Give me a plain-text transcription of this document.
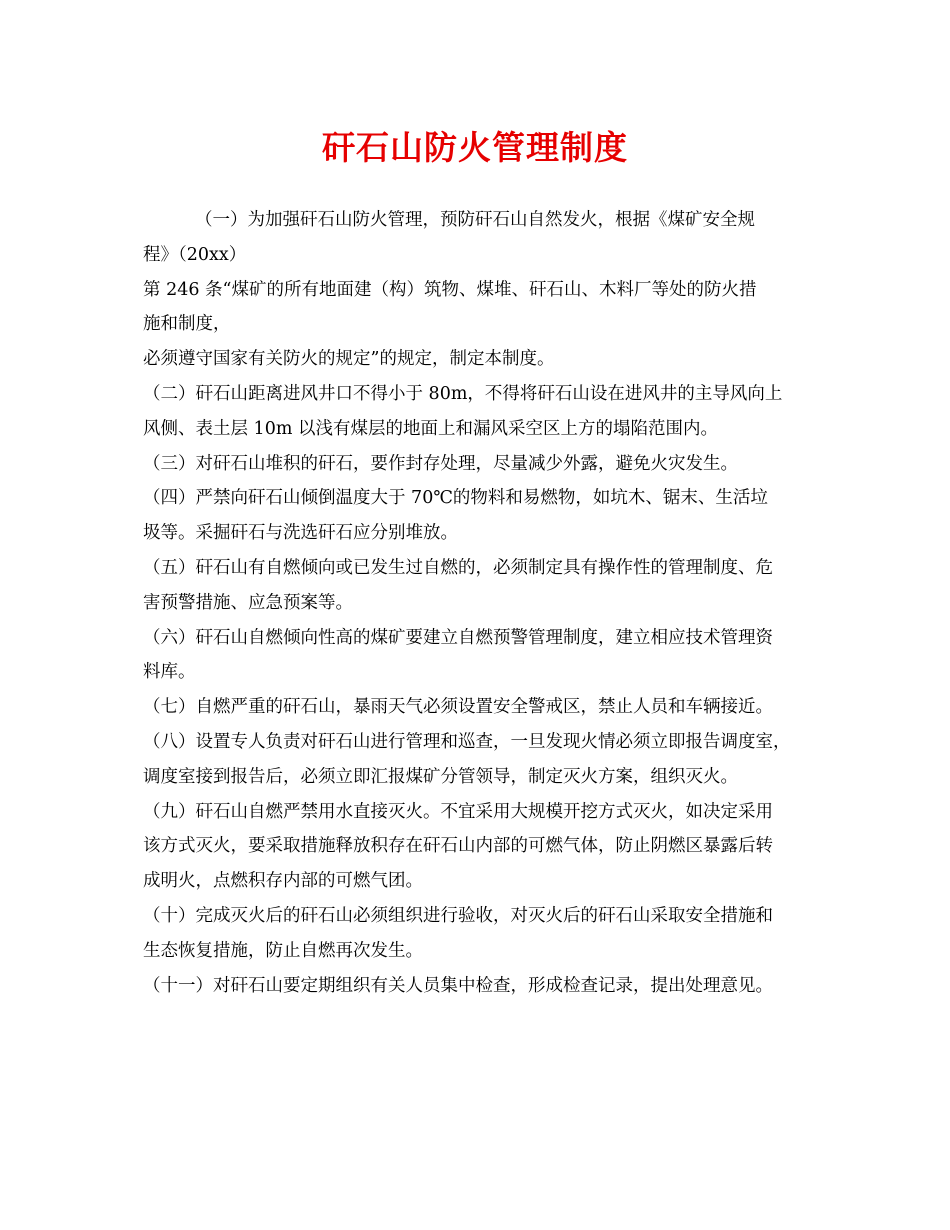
矸石山防火管理制度
（一）为加强矸石山防火管理，预防矸石山自然发火，根据《煤矿安全规
程》（20xx）
第 246 条“煤矿的所有地面建（构）筑物、煤堆、矸石山、木料厂等处的防火措
施和制度，
必须遵守国家有关防火的规定”的规定，制定本制度。
（二）矸石山距离进风井口不得小于 80m，不得将矸石山设在进风井的主导风向上
风侧、表土层 10m 以浅有煤层的地面上和漏风采空区上方的塌陷范围内。
（三）对矸石山堆积的矸石，要作封存处理，尽量减少外露，避免火灾发生。
（四）严禁向矸石山倾倒温度大于 70℃的物料和易燃物，如坑木、锯末、生活垃
圾等。采掘矸石与洗选矸石应分别堆放。
（五）矸石山有自燃倾向或已发生过自燃的，必须制定具有操作性的管理制度、危
害预警措施、应急预案等。
（六）矸石山自燃倾向性高的煤矿要建立自燃预警管理制度，建立相应技术管理资
料库。
（七）自燃严重的矸石山，暴雨天气必须设置安全警戒区，禁止人员和车辆接近。
（八）设置专人负责对矸石山进行管理和巡查，一旦发现火情必须立即报告调度室，
调度室接到报告后，必须立即汇报煤矿分管领导，制定灭火方案，组织灭火。
（九）矸石山自燃严禁用水直接灭火。不宜采用大规模开挖方式灭火，如决定采用
该方式灭火，要采取措施释放积存在矸石山内部的可燃气体，防止阴燃区暴露后转
成明火，点燃积存内部的可燃气团。
（十）完成灭火后的矸石山必须组织进行验收，对灭火后的矸石山采取安全措施和
生态恢复措施，防止自燃再次发生。
（十一）对矸石山要定期组织有关人员集中检查，形成检查记录，提出处理意见。
